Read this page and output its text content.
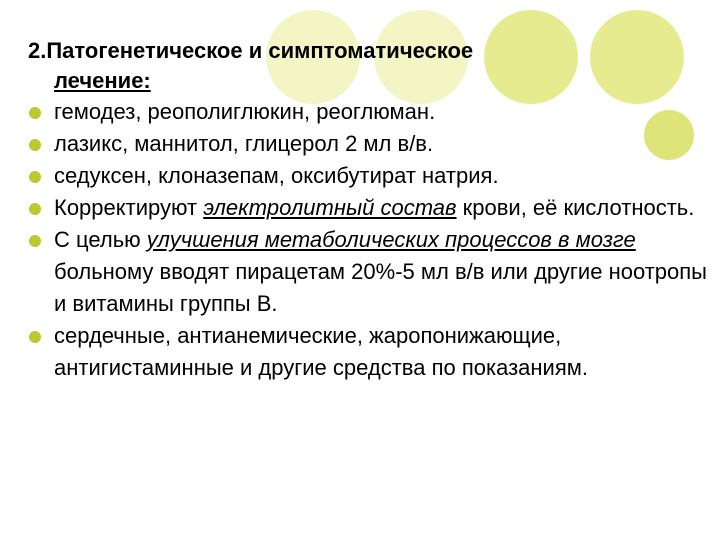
2.Патогенетическое и симптоматическое
лечение:

гемодез, реополиглюкин, реоглюман.
лазикс, маннитол, глицерол 2 мл в/в.
седуксен, клоназепам, оксибутират натрия.
Корректируют электролитный состав крови, её кислотность.
С целью улучшения метаболических процессов в мозге больному вводят пирацетам 20%-5 мл в/в или другие ноотропы и витамины группы В.
сердечные, антианемические, жаропонижающие, антигистаминные и другие средства по показаниям.
